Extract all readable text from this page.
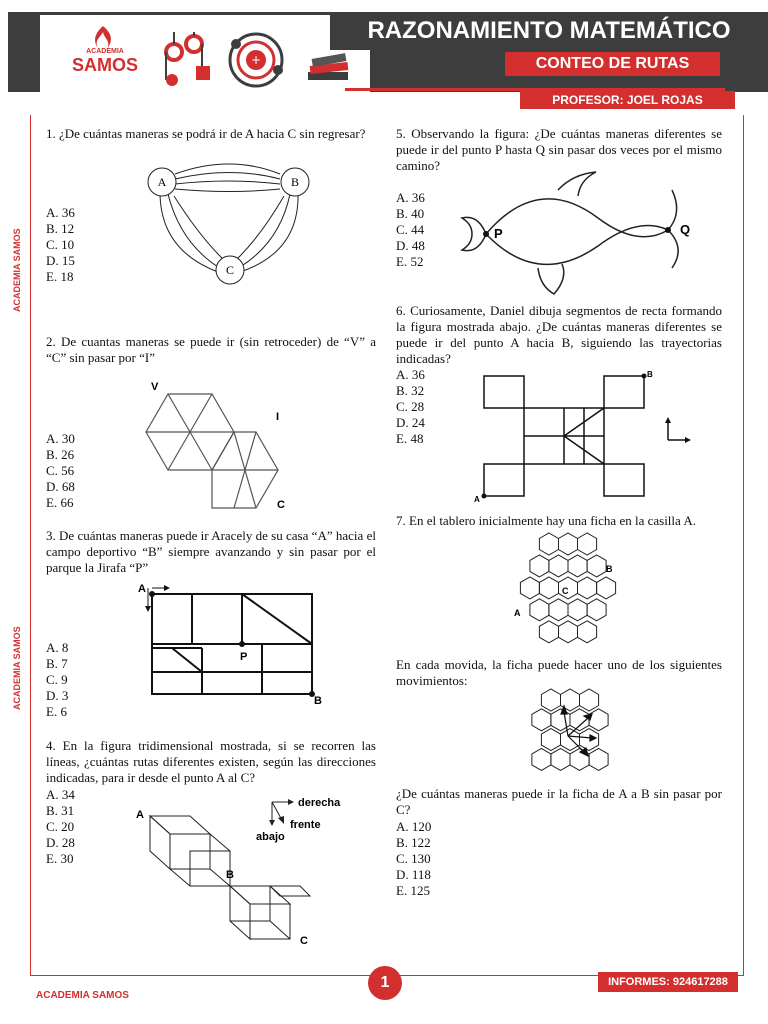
RAZONAMIENTO MATEMÁTICO
CONTEO DE RUTAS
PROFESOR: JOEL ROJAS
ACADEMIA
SAMOS	+
ACADEMIA SAMOS
ACADEMIA SAMOS
1. ¿De cuántas maneras se podrá ir de A hacia C sin regresar?
A. 36
B. 12
C. 10
D. 15
E. 18
A	B
C
2. De cuantas maneras se puede ir (sin retroceder) de “V” a “C” sin pasar por “I”
A. 30
B. 26
C. 56
D. 68
E. 66
V
I
C
3. De cuántas maneras puede ir Aracely de su casa “A” hacia el campo deportivo “B” siempre avanzando y sin pasar por el parque la Jirafa “P”
A. 8
B. 7
C. 9
D. 3
E. 6
A
P
B
4. En la figura tridimensional mostrada, si se recorren las líneas, ¿cuántas rutas diferentes existen, según las direcciones indicadas, para ir desde el punto A al C?
A. 34
B. 31
C. 20
D. 28
E. 30
A
B
C
derecha
frente
abajo
5. Observando la figura: ¿De cuántas maneras diferentes se puede ir del punto P hasta Q sin pasar dos veces por el mismo camino?
A. 36
B. 40
C. 44
D. 48
E. 52
P	Q
6. Curiosamente, Daniel dibuja segmentos de recta formando la figura mostrada abajo. ¿De cuántas maneras diferentes se puede ir del punto A hacia B, siguiendo las trayectorias indicadas?
A. 36
B. 32
C. 28
D. 24
E. 48
A
B
7. En el tablero inicialmente hay una ficha en la casilla A.
B
C
A
En cada movida, la ficha puede hacer uno de los siguientes movimientos:
¿De cuántas maneras puede ir la ficha de A a B sin pasar por C?
A. 120
B. 122
C. 130
D. 118
E. 125
ACADEMIA SAMOS
1	INFORMES: 924617288
